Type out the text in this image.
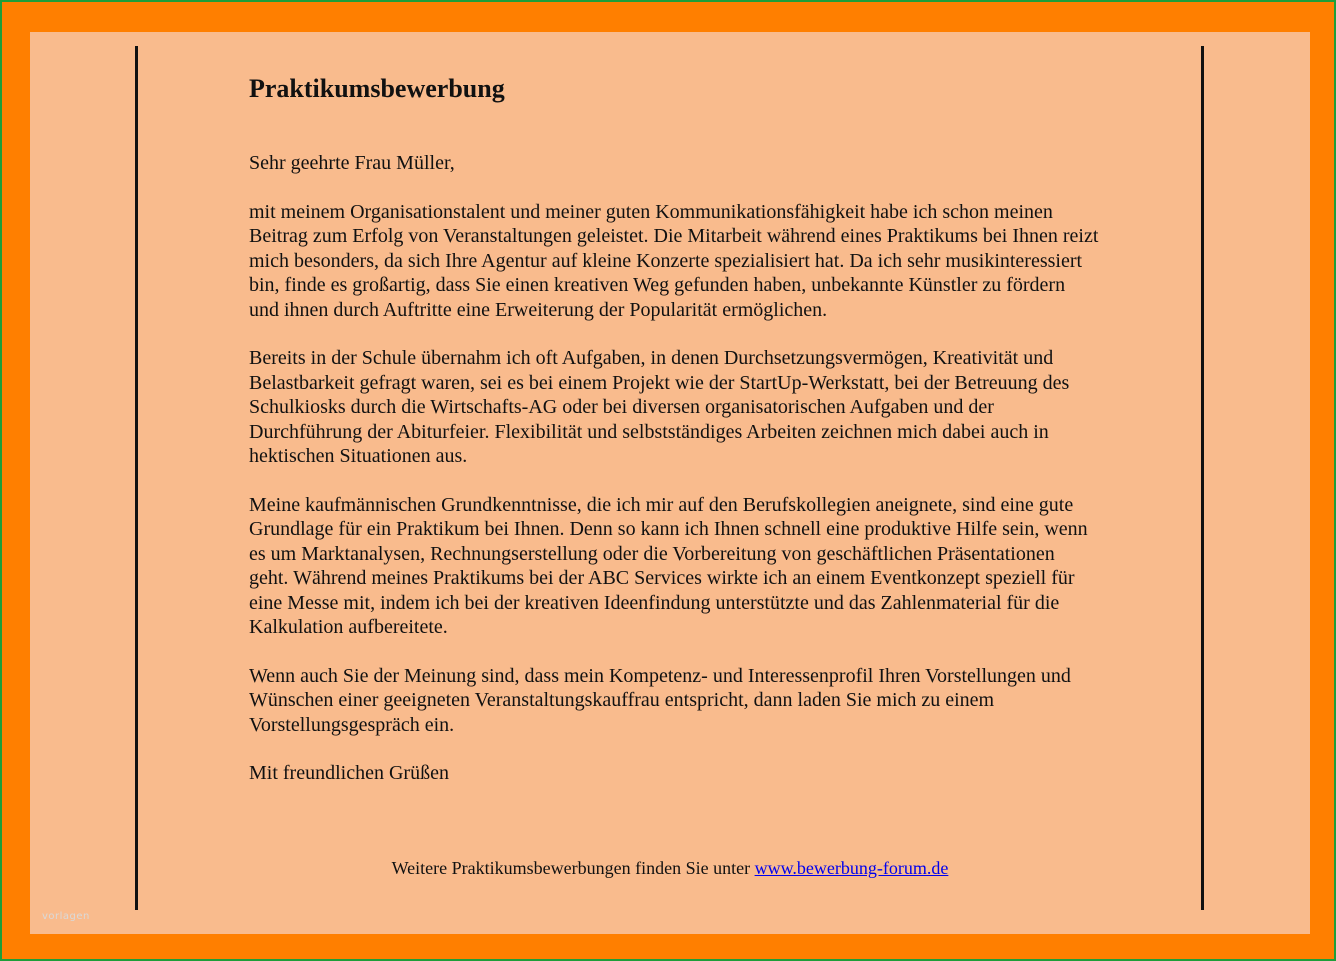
Praktikumsbewerbung

Sehr geehrte Frau Müller,

mit meinem Organisationstalent und meiner guten Kommunikationsfähigkeit habe ich schon meinen Beitrag zum Erfolg von Veranstaltungen geleistet. Die Mitarbeit während eines Praktikums bei Ihnen reizt mich besonders, da sich Ihre Agentur auf kleine Konzerte spezialisiert hat. Da ich sehr musikinteressiert bin, finde es großartig, dass Sie einen kreativen Weg gefunden haben, unbekannte Künstler zu fördern und ihnen durch Auftritte eine Erweiterung der Popularität ermöglichen.

Bereits in der Schule übernahm ich oft Aufgaben, in denen Durchsetzungsvermögen, Kreativität und Belastbarkeit gefragt waren, sei es bei einem Projekt wie der StartUp-Werkstatt, bei der Betreuung des Schulkiosks durch die Wirtschafts-AG oder bei diversen organisatorischen Aufgaben und der Durchführung der Abiturfeier. Flexibilität und selbstständiges Arbeiten zeichnen mich dabei auch in hektischen Situationen aus.

Meine kaufmännischen Grundkenntnisse, die ich mir auf den Berufskollegien aneignete, sind eine gute Grundlage für ein Praktikum bei Ihnen. Denn so kann ich Ihnen schnell eine produktive Hilfe sein, wenn es um Marktanalysen, Rechnungserstellung oder die Vorbereitung von geschäftlichen Präsentationen geht. Während meines Praktikums bei der ABC Services wirkte ich an einem Eventkonzept speziell für eine Messe mit, indem ich bei der kreativen Ideenfindung unterstützte und das Zahlenmaterial für die Kalkulation aufbereitete.

Wenn auch Sie der Meinung sind, dass mein Kompetenz- und Interessenprofil Ihren Vorstellungen und Wünschen einer geeigneten Veranstaltungskauffrau entspricht, dann laden Sie mich zu einem Vorstellungsgespräch ein.

Mit freundlichen Grüßen

Weitere Praktikumsbewerbungen finden Sie unter www.bewerbung-forum.de
vorlagen
